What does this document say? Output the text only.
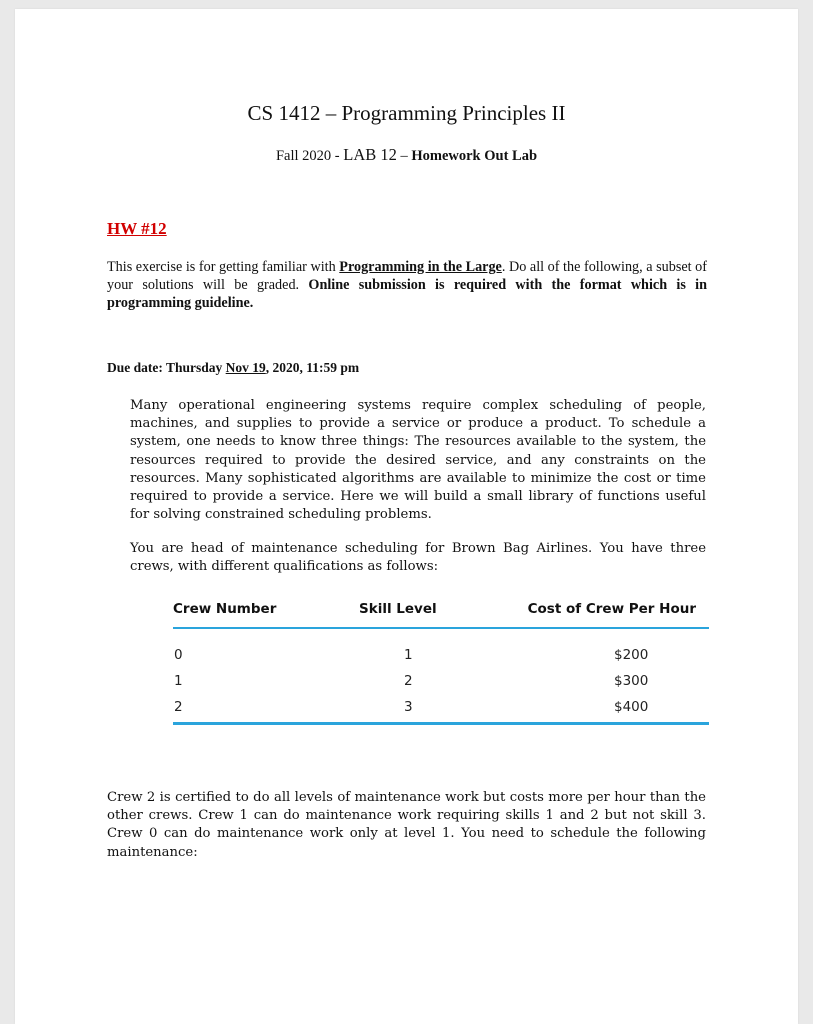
CS 1412 – Programming Principles II
Fall 2020 - LAB 12 – Homework Out Lab
HW #12
This exercise is for getting familiar with Programming in the Large. Do all of the following, a subset of your solutions will be graded. Online submission is required with the format which is in programming guideline.
Due date: Thursday Nov 19, 2020, 11:59 pm
Many operational engineering systems require complex scheduling of people, machines, and supplies to provide a service or produce a product. To schedule a system, one needs to know three things: The resources available to the system, the resources required to provide the desired service, and any constraints on the resources. Many sophisticated algorithms are available to minimize the cost or time required to provide a service. Here we will build a small library of functions useful for solving constrained scheduling problems.
You are head of maintenance scheduling for Brown Bag Airlines. You have three crews, with different qualifications as follows:
Crew Number	Skill Level	Cost of Crew Per Hour
0	1	$200
1	2	$300
2	3	$400
Crew 2 is certified to do all levels of maintenance work but costs more per hour than the other crews. Crew 1 can do maintenance work requiring skills 1 and 2 but not skill 3. Crew 0 can do maintenance work only at level 1. You need to schedule the following maintenance:
